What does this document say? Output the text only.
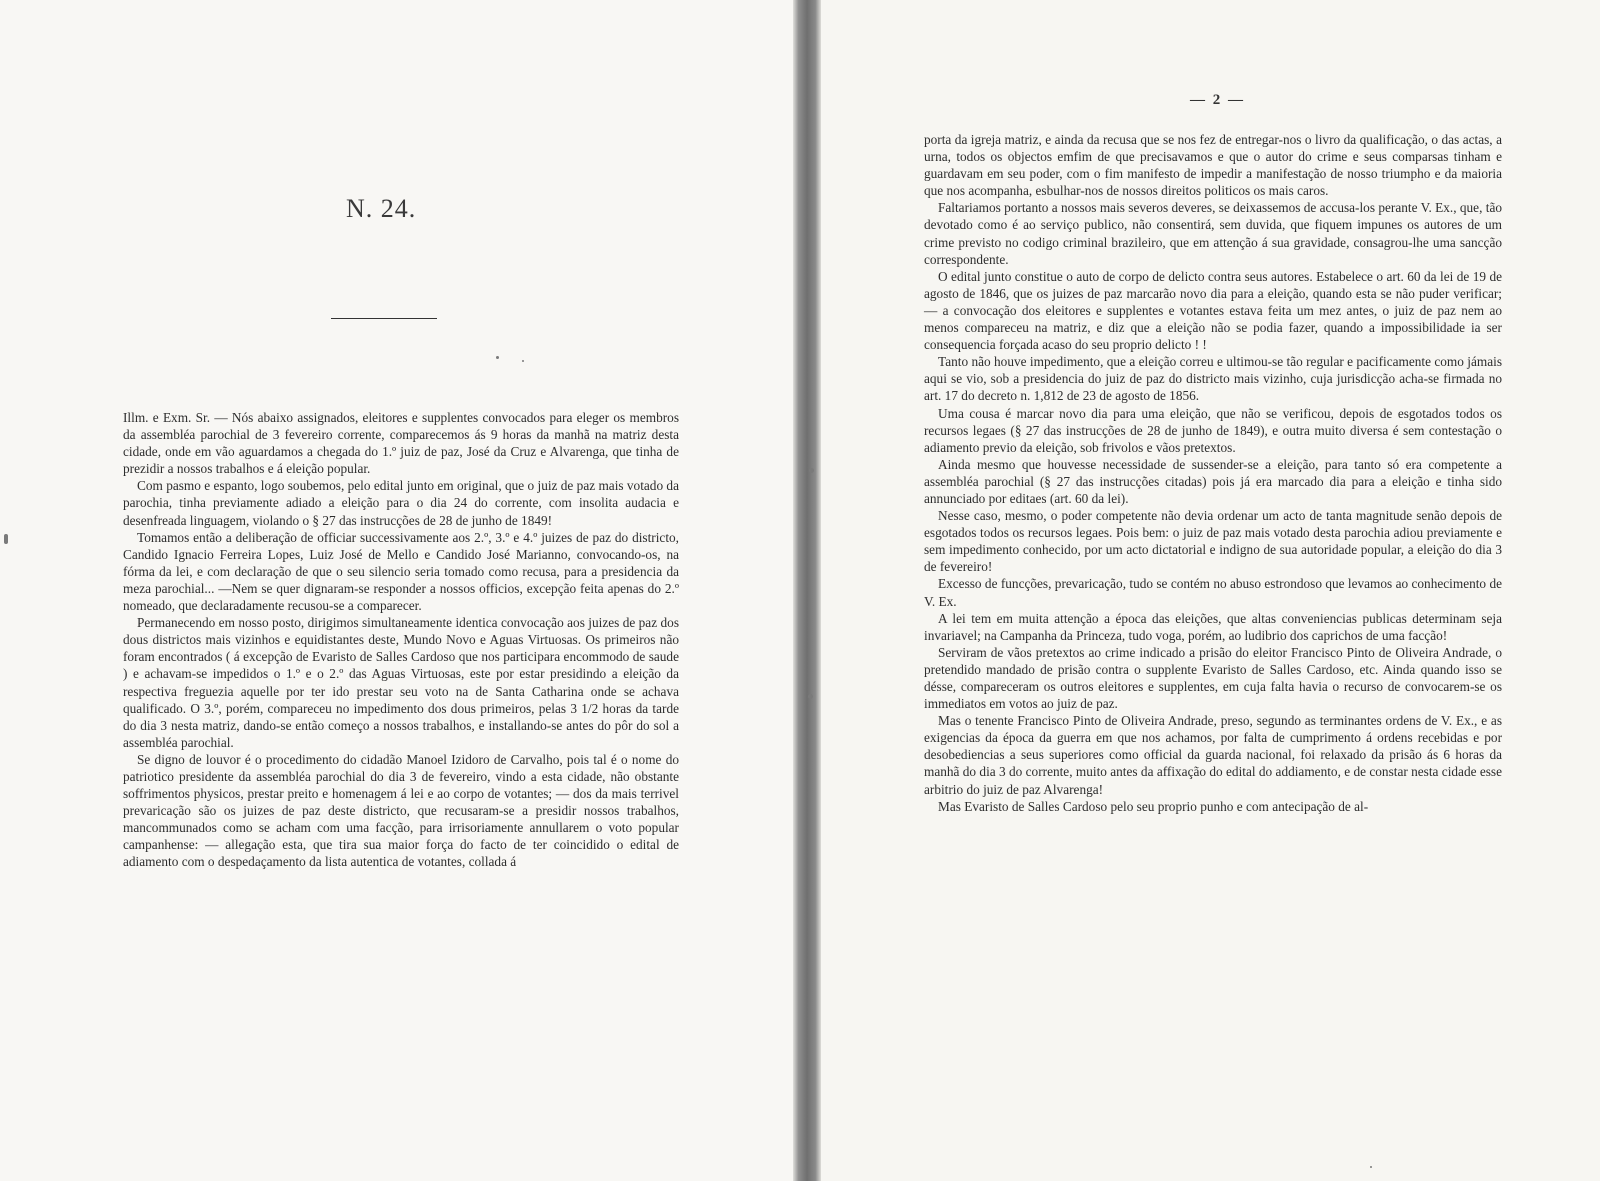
N. 24.

Illm. e Exm. Sr. — Nós abaixo assignados, eleitores e supplentes convocados para eleger os membros da assembléa parochial de 3 fevereiro corrente, comparecemos ás 9 horas da manhã na matriz desta cidade, onde em vão aguardamos a chegada do 1.º juiz de paz, José da Cruz e Alvarenga, que tinha de prezidir a nossos trabalhos e á eleição popular.

Com pasmo e espanto, logo soubemos, pelo edital junto em original, que o juiz de paz mais votado da parochia, tinha previamente adiado a eleição para o dia 24 do corrente, com insolita audacia e desenfreada linguagem, violando o § 27 das instrucções de 28 de junho de 1849!

Tomamos então a deliberação de officiar successivamente aos 2.º, 3.º e 4.º juizes de paz do districto, Candido Ignacio Ferreira Lopes, Luiz José de Mello e Candido José Marianno, convocando-os, na fórma da lei, e com declaração de que o seu silencio seria tomado como recusa, para a presidencia da meza parochial... —Nem se quer dignaram-se responder a nossos officios, excepção feita apenas do 2.º nomeado, que declaradamente recusou-se a comparecer.

Permanecendo em nosso posto, dirigimos simultaneamente identica convocação aos juizes de paz dos dous districtos mais vizinhos e equidistantes deste, Mundo Novo e Aguas Virtuosas. Os primeiros não foram encontrados ( á excepção de Evaristo de Salles Cardoso que nos participara encommodo de saude ) e achavam-se impedidos o 1.º e o 2.º das Aguas Virtuosas, este por estar presidindo a eleição da respectiva freguezia aquelle por ter ido prestar seu voto na de Santa Catharina onde se achava qualificado. O 3.º, porém, compareceu no impedimento dos dous primeiros, pelas 3 1/2 horas da tarde do dia 3 nesta matriz, dando-se então começo a nossos trabalhos, e installando-se antes do pôr do sol a assembléa parochial.

Se digno de louvor é o procedimento do cidadão Manoel Izidoro de Carvalho, pois tal é o nome do patriotico presidente da assembléa parochial do dia 3 de fevereiro, vindo a esta cidade, não obstante soffrimentos physicos, prestar preito e homenagem á lei e ao corpo de votantes; — dos da mais terrivel prevaricação são os juizes de paz deste districto, que recusaram-se a presidir nossos trabalhos, mancommunados como se acham com uma facção, para irrisoriamente annullarem o voto popular campanhense: — allegação esta, que tira sua maior força do facto de ter coincidido o edital de adiamento com o despedaçamento da lista autentica de votantes, collada á

— 2 —

porta da igreja matriz, e ainda da recusa que se nos fez de entregar-nos o livro da qualificação, o das actas, a urna, todos os objectos emfim de que precisavamos e que o autor do crime e seus comparsas tinham e guardavam em seu poder, com o fim manifesto de impedir a manifestação de nosso triumpho e da maioria que nos acompanha, esbulhar-nos de nossos direitos politicos os mais caros.

Faltariamos portanto a nossos mais severos deveres, se deixassemos de accusa-los perante V. Ex., que, tão devotado como é ao serviço publico, não consentirá, sem duvida, que fiquem impunes os autores de um crime previsto no codigo criminal brazileiro, que em attenção á sua gravidade, consagrou-lhe uma sancção correspondente.

O edital junto constitue o auto de corpo de delicto contra seus autores. Estabelece o art. 60 da lei de 19 de agosto de 1846, que os juizes de paz marcarão novo dia para a eleição, quando esta se não puder verificar; — a convocação dos eleitores e supplentes e votantes estava feita um mez antes, o juiz de paz nem ao menos compareceu na matriz, e diz que a eleição não se podia fazer, quando a impossibilidade ia ser consequencia forçada acaso do seu proprio delicto ! !

Tanto não houve impedimento, que a eleição correu e ultimou-se tão regular e pacificamente como jámais aqui se vio, sob a presidencia do juiz de paz do districto mais vizinho, cuja jurisdicção acha-se firmada no art. 17 do decreto n. 1,812 de 23 de agosto de 1856.

Uma cousa é marcar novo dia para uma eleição, que não se verificou, depois de esgotados todos os recursos legaes (§ 27 das instrucções de 28 de junho de 1849), e outra muito diversa é sem contestação o adiamento previo da eleição, sob frivolos e vãos pretextos.

Ainda mesmo que houvesse necessidade de sussender-se a eleição, para tanto só era competente a assembléa parochial (§ 27 das instrucções citadas) pois já era marcado dia para a eleição e tinha sido annunciado por editaes (art. 60 da lei).

Nesse caso, mesmo, o poder competente não devia ordenar um acto de tanta magnitude senão depois de esgotados todos os recursos legaes. Pois bem: o juiz de paz mais votado desta parochia adiou previamente e sem impedimento conhecido, por um acto dictatorial e indigno de sua autoridade popular, a eleição do dia 3 de fevereiro!

Excesso de funcções, prevaricação, tudo se contém no abuso estrondoso que levamos ao conhecimento de V. Ex.

A lei tem em muita attenção a época das eleições, que altas conveniencias publicas determinam seja invariavel; na Campanha da Princeza, tudo voga, porém, ao ludibrio dos caprichos de uma facção!

Serviram de vãos pretextos ao crime indicado a prisão do eleitor Francisco Pinto de Oliveira Andrade, o pretendido mandado de prisão contra o supplente Evaristo de Salles Cardoso, etc. Ainda quando isso se désse, compareceram os outros eleitores e supplentes, em cuja falta havia o recurso de convocarem-se os immediatos em votos ao juiz de paz.

Mas o tenente Francisco Pinto de Oliveira Andrade, preso, segundo as terminantes ordens de V. Ex., e as exigencias da época da guerra em que nos achamos, por falta de cumprimento á ordens recebidas e por desobediencias a seus superiores como official da guarda nacional, foi relaxado da prisão ás 6 horas da manhã do dia 3 do corrente, muito antes da affixação do edital do addiamento, e de constar nesta cidade esse arbitrio do juiz de paz Alvarenga!

Mas Evaristo de Salles Cardoso pelo seu proprio punho e com antecipação de al-
